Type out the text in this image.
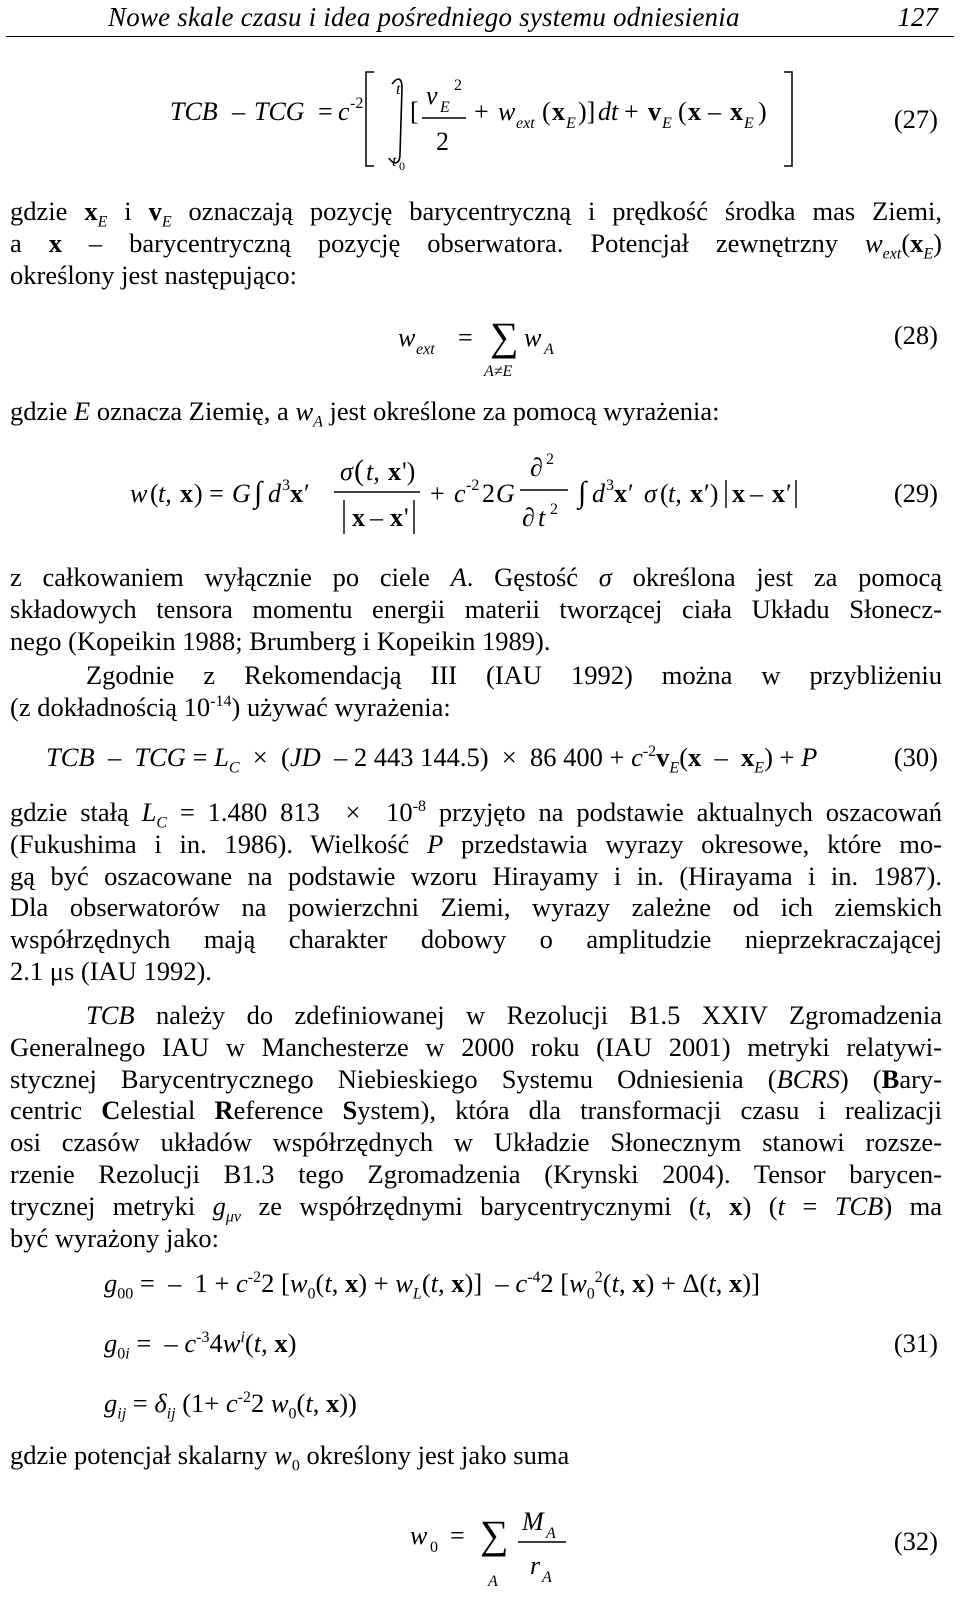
Nowe skale czasu i idea pośredniego systemu odniesienia	127
TCB – TCG = c -2
t
t 0
[
v E
2
2
+ w ext ( x E )] dt + v E ( x – x E )	(27)
gdzie $x_E$ i $v_E$ oznaczają pozycję barycentryczną i prędkość środka mas Ziemi,
a x – barycentryczną pozycję obserwatora. Potencjał zewnętrzny $w_{ext}(x_E)$
określony jest następująco:
w ext = ∑ w A
A≠E
(28)
gdzie E oznacza Ziemię, a $w_A$ jest określone za pomocą wyrażenia:
w ( t, x ) = G ∫ d 3 x ′
σ ( t, x ')
x – x '
+ c -2 2 G
∂ 2
∂ t 2
∫ d 3 x ′ σ ( t, x ′) x – x ′	(29)
z całkowaniem wyłącznie po ciele A. Gęstość σ określona jest za pomocą
składowych tensora momentu energii materii tworzącej ciała Układu Słonecz-
nego (Kopeikin 1988; Brumberg i Kopeikin 1989).
Zgodnie z Rekomendacją III (IAU 1992) można w przybliżeniu
(z dokładnością $10^{-14}$) używać wyrażenia:
TCB  –  TCG = $L_C \times (JD - 2$ 443 144.5)  ×  86 $400 + c^{-2}v_E(x - x_E) + P$	(30)
gdzie stałą $L_C = 1.480$ $813 \times 10^{-8}$ przyjęto na podstawie aktualnych oszacowań
(Fukushima i in. 1986). Wielkość P przedstawia wyrazy okresowe, które mo-
gą być oszacowane na podstawie wzoru Hirayamy i in. (Hirayama i in. 1987).
Dla obserwatorów na powierzchni Ziemi, wyrazy zależne od ich ziemskich
współrzędnych mają charakter dobowy o amplitudzie nieprzekraczającej
2.1 μs (IAU 1992).
TCB należy do zdefiniowanej w Rezolucji B1.5 XXIV Zgromadzenia
Generalnego IAU w Manchesterze w 2000 roku (IAU 2001) metryki relatywi-
stycznej Barycentrycznego Niebieskiego Systemu Odniesienia (BCRS) (Bary-
centric Celestial Reference System), która dla transformacji czasu i realizacji
osi czasów układów współrzędnych w Układzie Słonecznym stanowi rozsze-
rzenie Rezolucji B1.3 tego Zgromadzenia (Krynski 2004). Tensor barycen-
trycznej metryki $g_{\mu\nu}$ ze współrzędnymi barycentrycznymi (t, x) (t = TCB) ma
być wyrażony jako:
$g_{00}$ =  –  $1 + c^{-2}2$ [$w_0(t$, $x) + w_L(t$, $x)] - c^{-4}2$ [$w_0^2(t$, x) + Δ(t, x)]
$g_{0i}$ =  – $c^{-3}4w^i(t$, x)	(31)
$g_{ij} = \delta_{ij}$ ($1+ c^{-2}2$ $w_0(t$, x))
gdzie potencjał skalarny $w_0$ określony jest jako suma
w 0 = ∑
A
M A
r A
(32)
